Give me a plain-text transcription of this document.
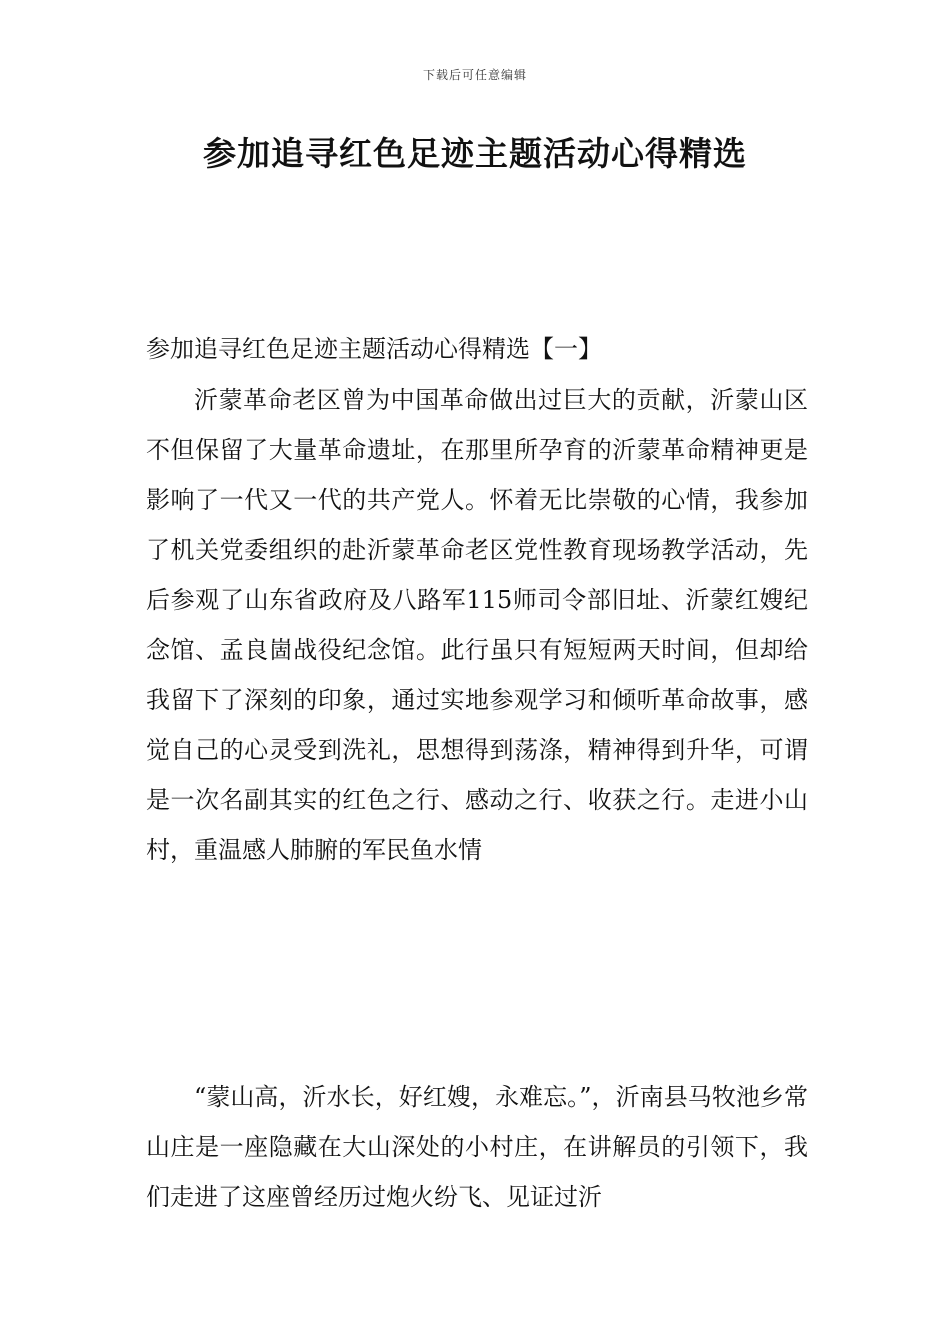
下载后可任意编辑
参加追寻红色足迹主题活动心得精选

参加追寻红色足迹主题活动心得精选【一】

沂蒙革命老区曾为中国革命做出过巨大的贡献，沂蒙山区不但保留了大量革命遗址，在那里所孕育的沂蒙革命精神更是影响了一代又一代的共产党人。怀着无比崇敬的心情，我参加了机关党委组织的赴沂蒙革命老区党性教育现场教学活动，先后参观了山东省政府及八路军115师司令部旧址、沂蒙红嫂纪念馆、孟良崮战役纪念馆。此行虽只有短短两天时间，但却给我留下了深刻的印象，通过实地参观学习和倾听革命故事，感觉自己的心灵受到洗礼，思想得到荡涤，精神得到升华，可谓是一次名副其实的红色之行、感动之行、收获之行。走进小山村，重温感人肺腑的军民鱼水情

“蒙山高，沂水长，好红嫂，永难忘。”，沂南县马牧池乡常山庄是一座隐藏在大山深处的小村庄，在讲解员的引领下，我们走进了这座曾经历过炮火纷飞、见证过沂
